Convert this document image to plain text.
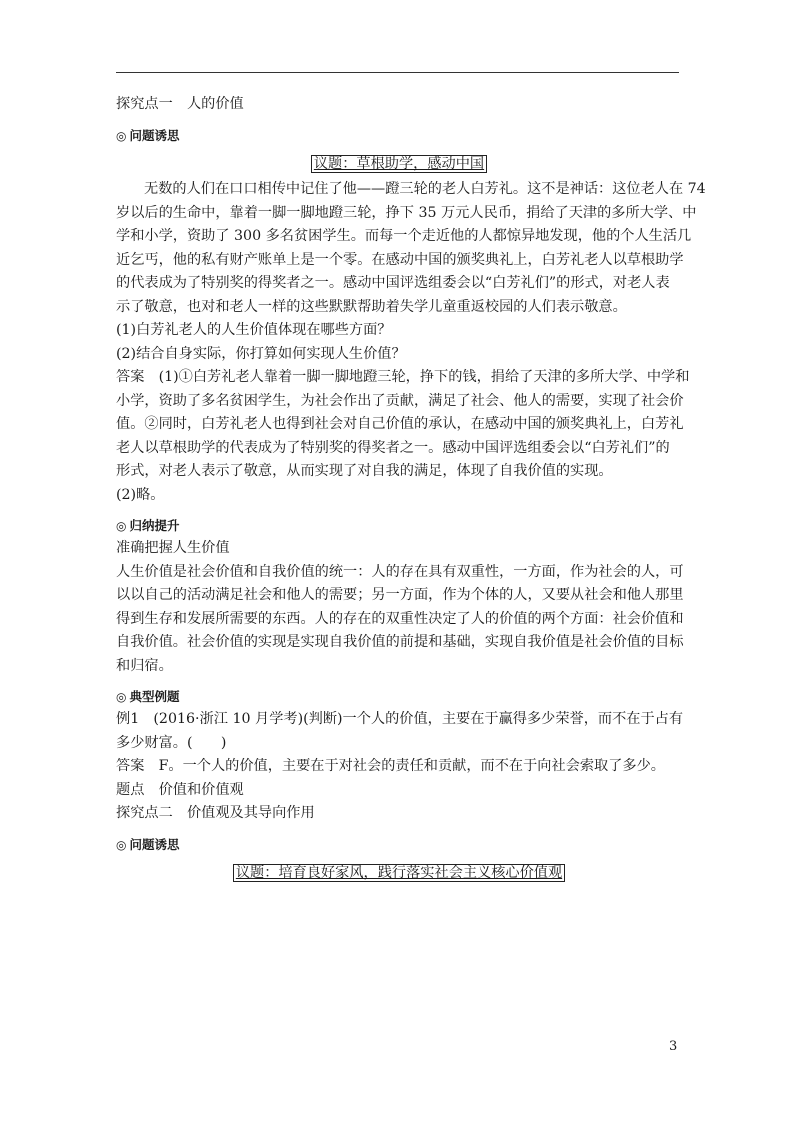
探究点一　人的价值
◎ 问题诱思
议题：草根助学，感动中国
无数的人们在口口相传中记住了他——蹬三轮的老人白芳礼。这不是神话：这位老人在 74
岁以后的生命中，靠着一脚一脚地蹬三轮，挣下 35 万元人民币，捐给了天津的多所大学、中
学和小学，资助了 300 多名贫困学生。而每一个走近他的人都惊异地发现，他的个人生活几
近乞丐，他的私有财产账单上是一个零。在感动中国的颁奖典礼上，白芳礼老人以草根助学
的代表成为了特别奖的得奖者之一。感动中国评选组委会以“白芳礼们”的形式，对老人表
示了敬意，也对和老人一样的这些默默帮助着失学儿童重返校园的人们表示敬意。
(1)白芳礼老人的人生价值体现在哪些方面？
(2)结合自身实际，你打算如何实现人生价值？
答案　(1)①白芳礼老人靠着一脚一脚地蹬三轮，挣下的钱，捐给了天津的多所大学、中学和
小学，资助了多名贫困学生，为社会作出了贡献，满足了社会、他人的需要，实现了社会价
值。②同时，白芳礼老人也得到社会对自己价值的承认，在感动中国的颁奖典礼上，白芳礼
老人以草根助学的代表成为了特别奖的得奖者之一。感动中国评选组委会以“白芳礼们”的
形式，对老人表示了敬意，从而实现了对自我的满足，体现了自我价值的实现。
(2)略。
◎ 归纳提升
准确把握人生价值
人生价值是社会价值和自我价值的统一：人的存在具有双重性，一方面，作为社会的人，可
以以自己的活动满足社会和他人的需要；另一方面，作为个体的人，又要从社会和他人那里
得到生存和发展所需要的东西。人的存在的双重性决定了人的价值的两个方面：社会价值和
自我价值。社会价值的实现是实现自我价值的前提和基础，实现自我价值是社会价值的目标
和归宿。
◎ 典型例题
例1　(2016·浙江 10 月学考)(判断)一个人的价值，主要在于赢得多少荣誉，而不在于占有
多少财富。(　　)
答案　F。一个人的价值，主要在于对社会的责任和贡献，而不在于向社会索取了多少。
题点　价值和价值观
探究点二　价值观及其导向作用
◎ 问题诱思
议题：培育良好家风，践行落实社会主义核心价值观
3
